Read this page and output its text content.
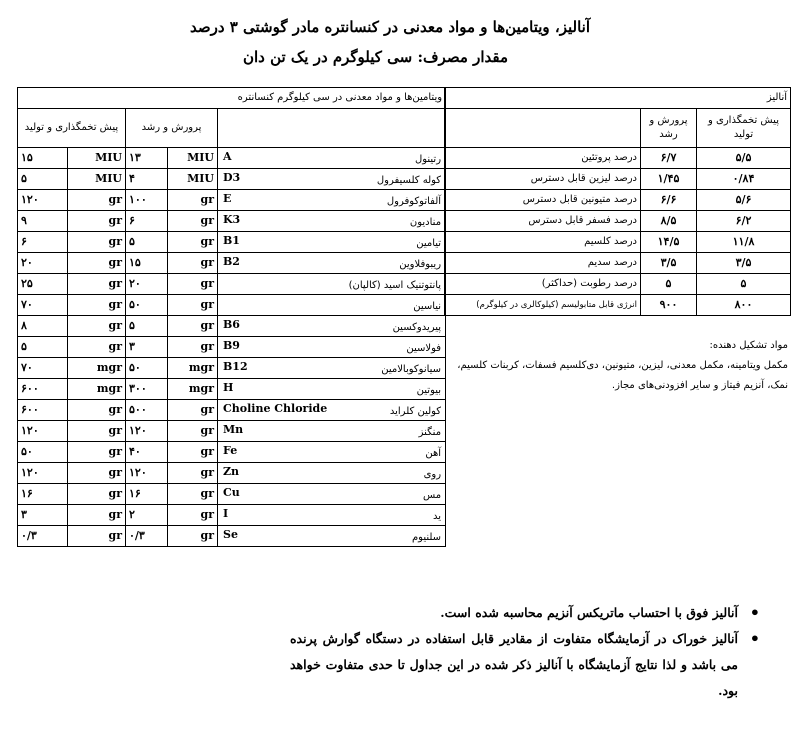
آنالیز، ویتامین‌ها و مواد معدنی در کنسانتره مادر گوشتی ۳ درصد
مقدار مصرف: سی کیلوگرم در یک تن دان
ویتامین‌ها و مواد معدنی در سی کیلوگرم کنسانتره				
پیش تخمگذاری و تولید		پرورش و رشد		
۱۵	MIU	۱۳	MIU	A رتینول

۵	MIU	۴	MIU	D3 کوله کلسیفرول

۱۲۰	gr	۱۰۰	gr	E آلفاتوکوفرول

۹	gr	۶	gr	K3 منادیون

۶	gr	۵	gr	B1 تیامین

۲۰	gr	۱۵	gr	B2 ریبوفلاوین

۲۵	gr	۲۰	gr	پانتوتنیک اسید (کالپان)

۷۰	gr	۵۰	gr	نیاسین

۸	gr	۵	gr	B6 پیریدوکسین

۵	gr	۳	gr	B9 فولاسین

۷۰	mgr	۵۰	mgr	B12 سیانوکوبالامین

۶۰۰	mgr	۳۰۰	mgr	H بیوتین

۶۰۰	gr	۵۰۰	gr	Choline Chloride کولین کلراید

۱۲۰	gr	۱۲۰	gr	Mn منگنز

۵۰	gr	۴۰	gr	Fe آهن

۱۲۰	gr	۱۲۰	gr	Zn روی

۱۶	gr	۱۶	gr	Cu مس

۳	gr	۲	gr	I ید

۰/۳	gr	۰/۳	gr	Se سلنیوم
آنالیز		
	پرورش و رشد	پیش تخمگذاری و تولید
درصد پروتئین	۶/۷	۵/۵
درصد لیزین قابل دسترس	۱/۴۵	۰/۸۴
درصد متیونین قابل دسترس	۶/۶	۵/۶
درصد فسفر قابل دسترس	۸/۵	۶/۲
درصد کلسیم	۱۴/۵	۱۱/۸
درصد سدیم	۳/۵	۳/۵
درصد رطوبت (حداکثر)	۵	۵
انرژی قابل متابولیسم (کیلوکالری در کیلوگرم)	۹۰۰	۸۰۰
مواد تشکیل دهنده:
مکمل ویتامینه، مکمل معدنی، لیزین، متیونین، دی‌کلسیم فسفات، کربنات کلسیم، نمک، آنزیم فیتاز و سایر افزودنی‌های مجاز.
• آنالیز فوق با احتساب ماتریکس آنزیم محاسبه شده است.
• آنالیز خوراک در آزمایشگاه متفاوت از مقادیر قابل استفاده در دستگاه گوارش پرنده می باشد و لذا نتایج آزمایشگاه با آنالیز ذکر شده در این جداول تا حدی متفاوت خواهد بود.
